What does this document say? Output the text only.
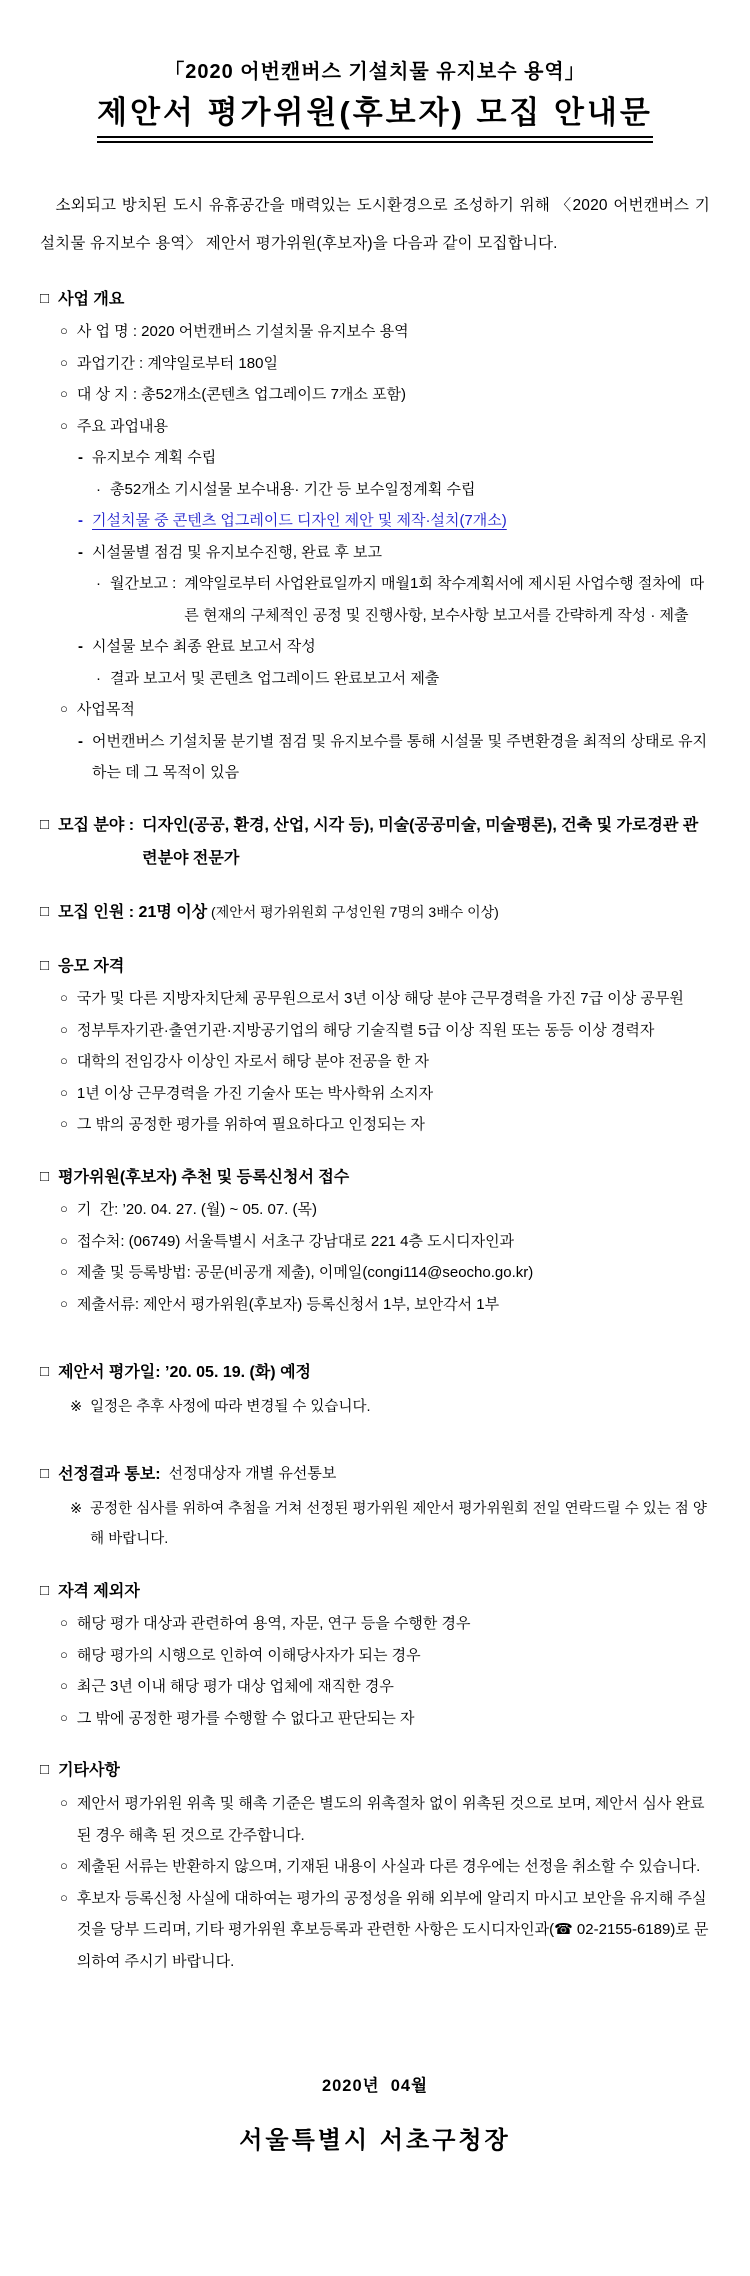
「2020 어번캔버스 기설치물 유지보수 용역」
제안서 평가위원(후보자) 모집 안내문

소외되고 방치된 도시 유휴공간을 매력있는 도시환경으로 조성하기 위해 〈2020 어번캔버스 기설치물 유지보수 용역〉 제안서 평가위원(후보자)을 다음과 같이 모집합니다.

□ 사업 개요
○ 사 업 명 : 2020 어번캔버스 기설치물 유지보수 용역
○ 과업기간 : 계약일로부터 180일
○ 대 상 지 : 총52개소(콘텐츠 업그레이드 7개소 포함)
○ 주요 과업내용
- 유지보수 계획 수립
· 총52개소 기시설물 보수내용· 기간 등 보수일정계획 수립
- 기설치물 중 콘텐츠 업그레이드 디자인 제안 및 제작·설치(7개소)
- 시설물별 점검 및 유지보수진행, 완료 후 보고
· 월간보고 : 계약일로부터 사업완료일까지 매월1회 착수계획서에 제시된 사업수행 절차에  따른 현재의 구체적인 공정 및 진행사항, 보수사항 보고서를 간략하게 작성 · 제출
- 시설물 보수 최종 완료 보고서 작성
· 결과 보고서 및 콘텐츠 업그레이드 완료보고서 제출
○ 사업목적
- 어번캔버스 기설치물 분기별 점검 및 유지보수를 통해 시설물 및 주변환경을 최적의 상태로 유지하는 데 그 목적이 있음
□ 모집 분야 : 디자인(공공, 환경, 산업, 시각 등), 미술(공공미술, 미술평론), 건축 및 가로경관 관련분야 전문가
□ 모집 인원 : 21명 이상 (제안서 평가위원회 구성인원 7명의 3배수 이상)
□ 응모 자격
○ 국가 및 다른 지방자치단체 공무원으로서 3년 이상 해당 분야 근무경력을 가진 7급 이상 공무원
○ 정부투자기관·출연기관·지방공기업의 해당 기술직렬 5급 이상 직원 또는 동등 이상 경력자
○ 대학의 전임강사 이상인 자로서 해당 분야 전공을 한 자
○ 1년 이상 근무경력을 가진 기술사 또는 박사학위 소지자
○ 그 밖의 공정한 평가를 위하여 필요하다고 인정되는 자
□ 평가위원(후보자) 추천 및 등록신청서 접수
○ 기  간: ’20. 04. 27. (월) ~ 05. 07. (목)
○ 접수처: (06749) 서울특별시 서초구 강남대로 221 4층 도시디자인과
○ 제출 및 등록방법: 공문(비공개 제출), 이메일(congi114@seocho.go.kr)
○ 제출서류: 제안서 평가위원(후보자) 등록신청서 1부, 보안각서 1부
□ 제안서 평가일: ’20. 05. 19. (화) 예정
※ 일정은 추후 사정에 따라 변경될 수 있습니다.
□ 선정결과 통보: 선정대상자 개별 유선통보
※ 공정한 심사를 위하여 추첨을 거쳐 선정된 평가위원 제안서 평가위원회 전일 연락드릴 수 있는 점 양해 바랍니다.
□ 자격 제외자
○ 해당 평가 대상과 관련하여 용역, 자문, 연구 등을 수행한 경우
○ 해당 평가의 시행으로 인하여 이해당사자가 되는 경우
○ 최근 3년 이내 해당 평가 대상 업체에 재직한 경우
○ 그 밖에 공정한 평가를 수행할 수 없다고 판단되는 자
□ 기타사항
○ 제안서 평가위원 위촉 및 해촉 기준은 별도의 위촉절차 없이 위촉된 것으로 보며, 제안서 심사 완료된 경우 해촉 된 것으로 간주합니다.
○ 제출된 서류는 반환하지 않으며, 기재된 내용이 사실과 다른 경우에는 선정을 취소할 수 있습니다.
○ 후보자 등록신청 사실에 대하여는 평가의 공정성을 위해 외부에 알리지 마시고 보안을 유지해 주실 것을 당부 드리며, 기타 평가위원 후보등록과 관련한 사항은 도시디자인과(☎ 02-2155-6189)로 문의하여 주시기 바랍니다.
2020년  04월
서울특별시 서초구청장
